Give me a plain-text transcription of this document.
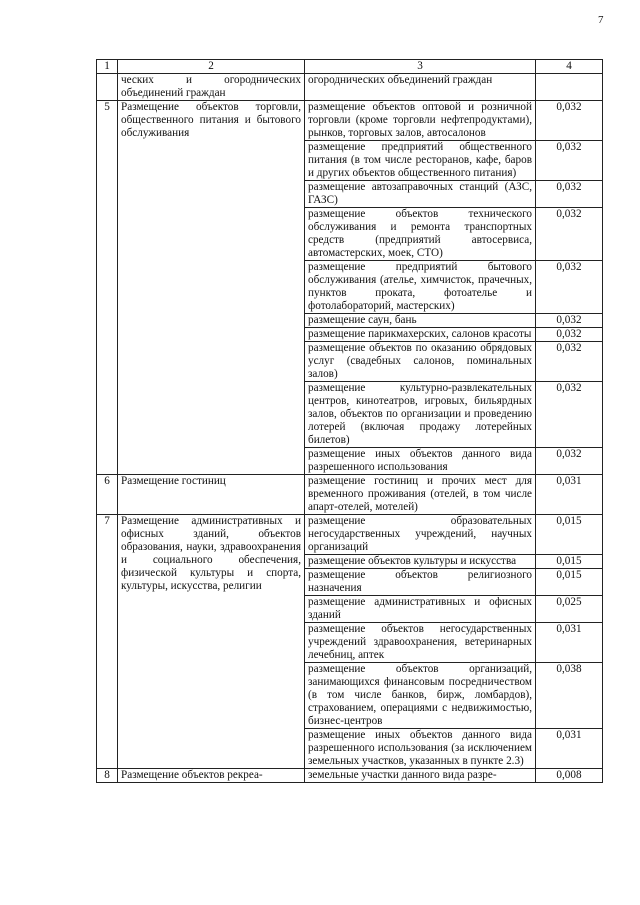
7
1	2	3	4
	ческих и огороднических объединений граждан	огороднических объединений граждан	
5	Размещение объектов торговли, общественного питания и бытового обслуживания	размещение объектов оптовой и розничной торговли (кроме торговли нефтепродуктами), рынков, торговых залов, автосалонов	0,032
		размещение предприятий общественного питания (в том числе ресторанов, кафе, баров и других объектов общественного питания)	0,032
		размещение автозаправочных станций (АЗС, ГАЗС)	0,032
		размещение объектов технического обслуживания и ремонта транспортных средств (предприятий автосервиса, автомастерских, моек, СТО)	0,032
		размещение предприятий бытового обслуживания (ателье, химчисток, прачечных, пунктов проката, фотоателье и фотолабораторий, мастерских)	0,032
		размещение саун, бань	0,032
		размещение парикмахерских, салонов красоты	0,032
		размещение объектов по оказанию обрядовых услуг (свадебных салонов, поминальных залов)	0,032
		размещение культурно-развлекательных центров, кинотеатров, игровых, бильярдных залов, объектов по организации и проведению лотерей (включая продажу лотерейных билетов)	0,032
		размещение иных объектов данного вида разрешенного использования	0,032
6	Размещение гостиниц	размещение гостиниц и прочих мест для временного проживания (отелей, в том числе апарт-отелей, мотелей)	0,031
7	Размещение административных и офисных зданий, объектов образования, науки, здравоохранения и социального обеспечения, физической культуры и спорта, культуры, искусства, религии	размещение образовательных негосударственных учреждений, научных организаций	0,015
		размещение объектов культуры и искусства	0,015
		размещение объектов религиозного назначения	0,015
		размещение административных и офисных зданий	0,025
		размещение объектов негосударственных учреждений здравоохранения, ветеринарных лечебниц, аптек	0,031
		размещение объектов организаций, занимающихся финансовым посредничеством (в том числе банков, бирж, ломбардов), страхованием, операциями с недвижимостью, бизнес-центров	0,038
		размещение иных объектов данного вида разрешенного использования (за исключением земельных участков, указанных в пункте 2.3)	0,031
8	Размещение объектов рекреа-	земельные участки данного вида разре-	0,008
